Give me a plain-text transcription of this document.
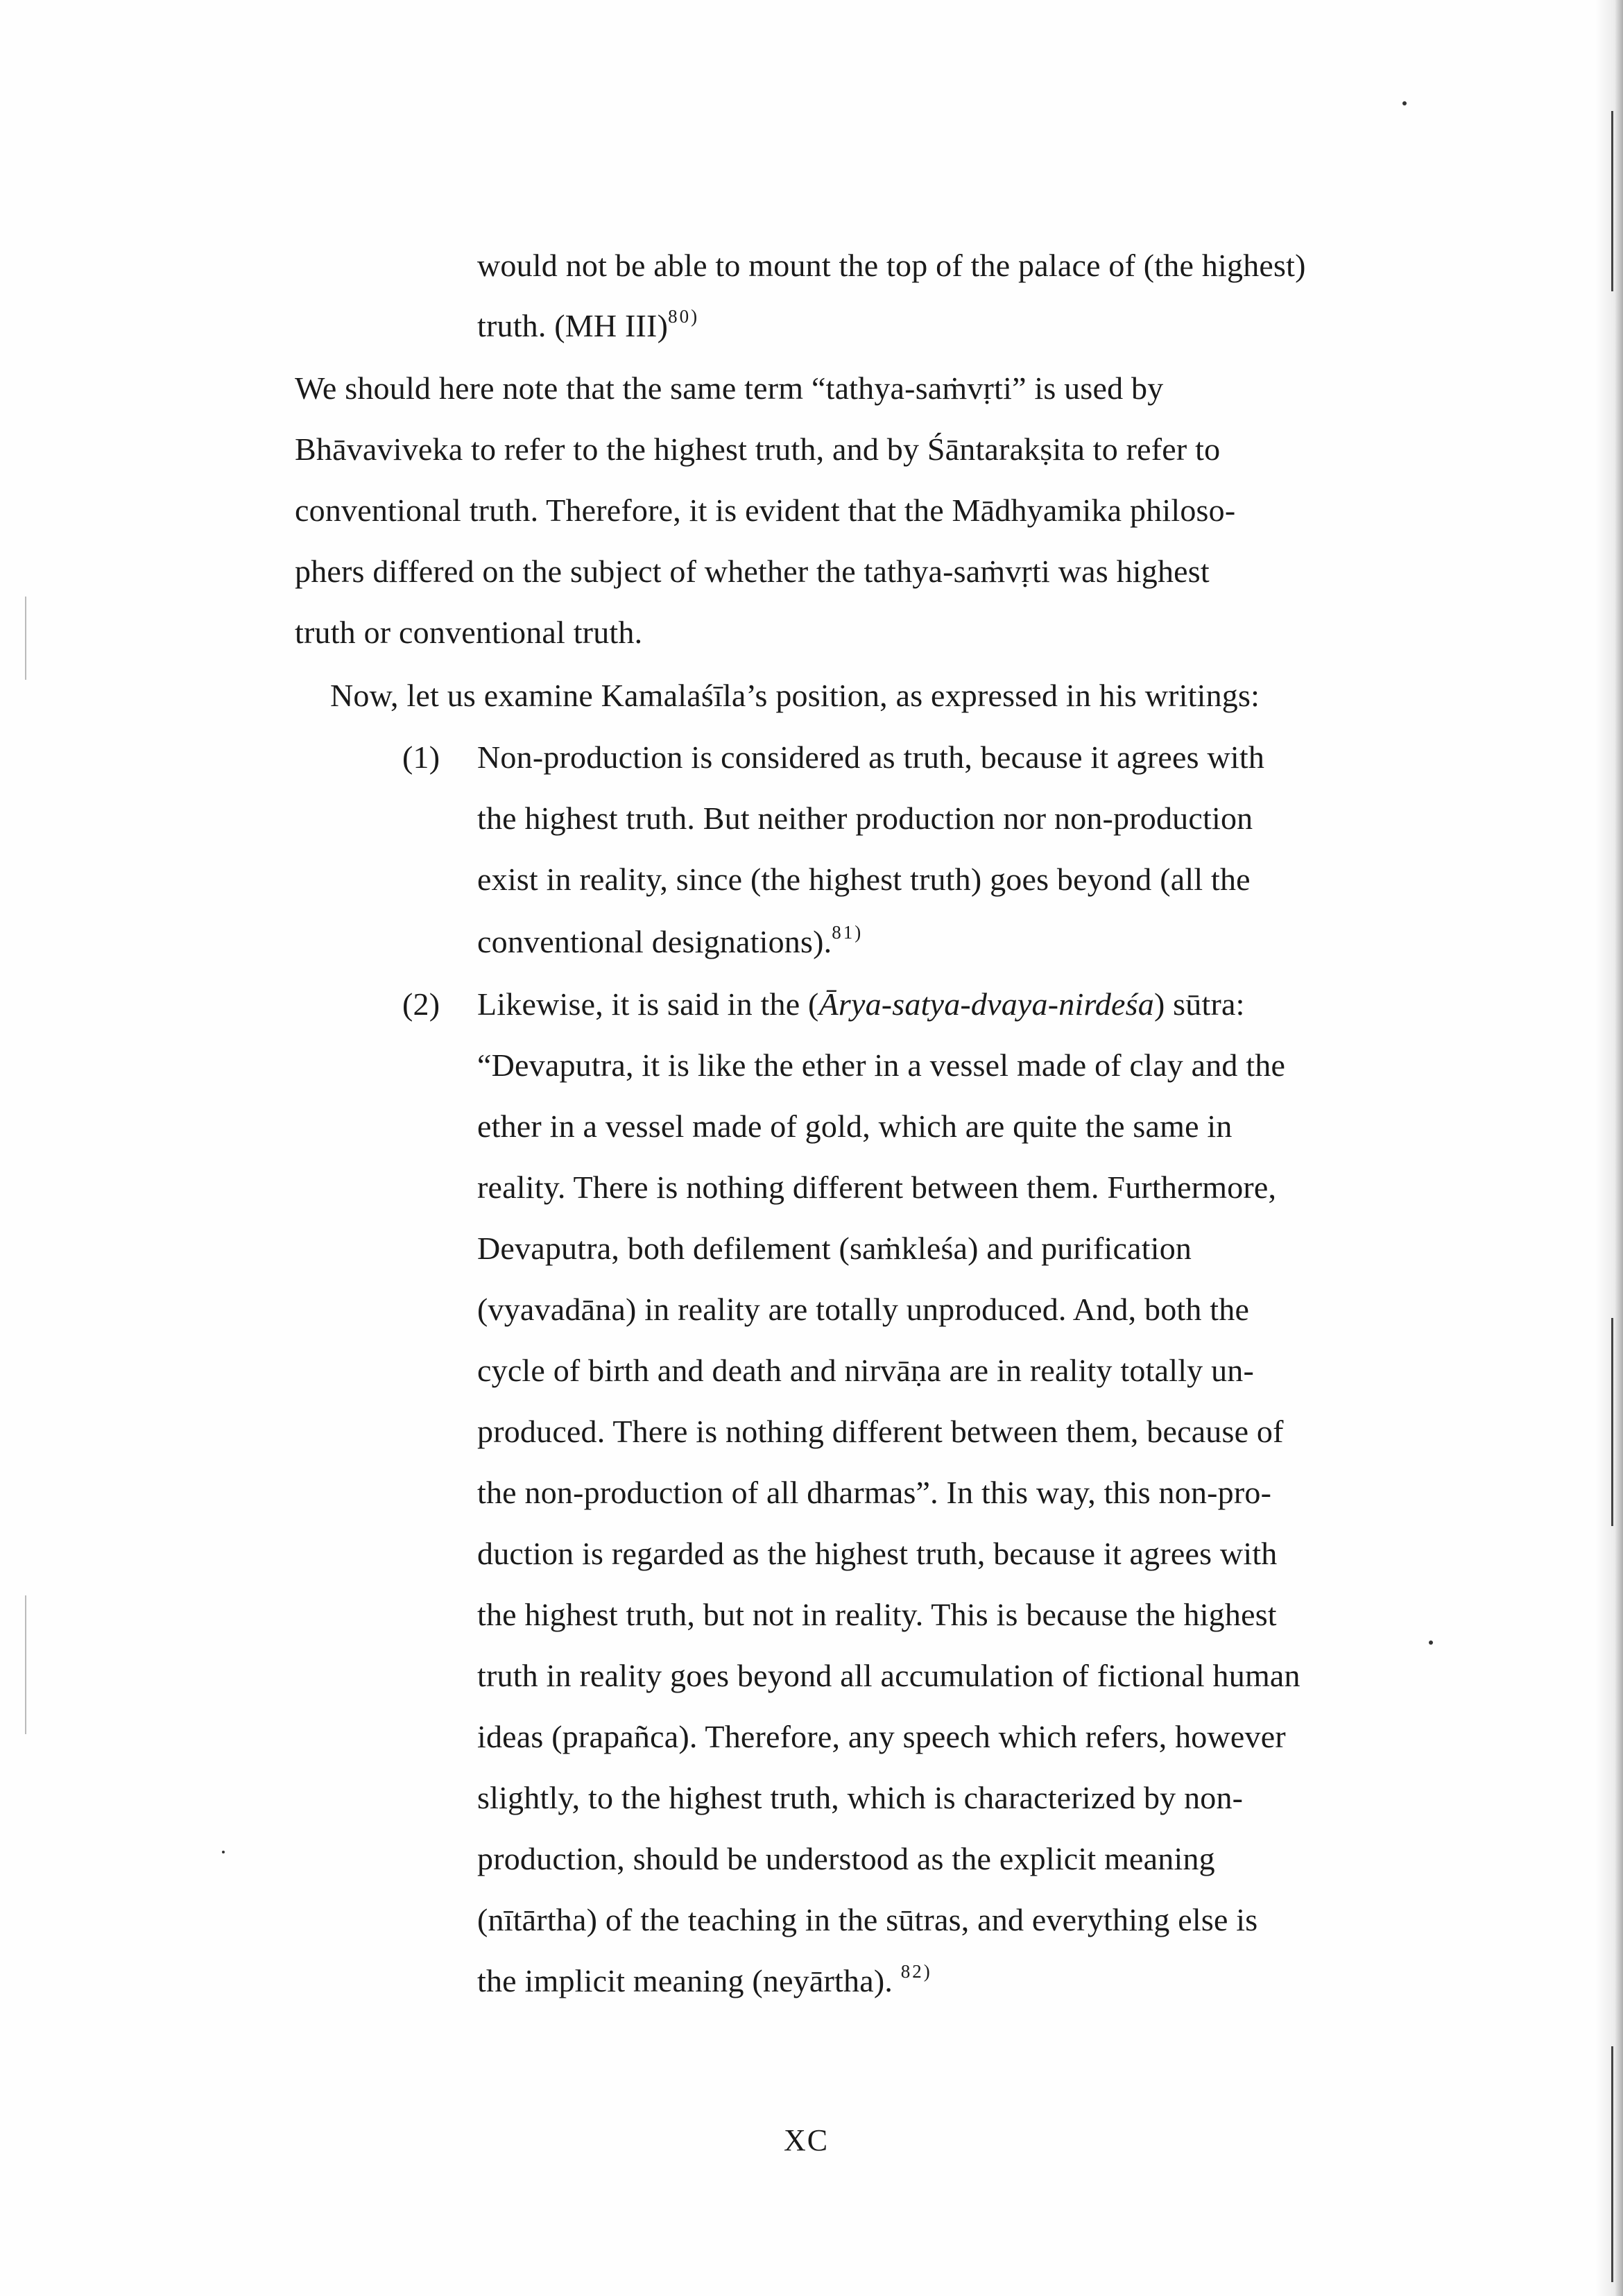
would not be able to mount the top of the palace of (the highest)
truth. (MH III)$^{80)}$
We should here note that the same term “tathya-saṁvṛti” is used by
Bhāvaviveka to refer to the highest truth, and by Śāntarakṣita to refer to
conventional truth. Therefore, it is evident that the Mādhyamika philoso-
phers differed on the subject of whether the tathya-saṁvṛti was highest
truth or conventional truth.
Now, let us examine Kamalaśīla’s position, as expressed in his writings:
(1) Non-production is considered as truth, because it agrees with
the highest truth. But neither production nor non-production
exist in reality, since (the highest truth) goes beyond (all the
conventional designations).$^{81)}$
(2) Likewise, it is said in the (Ārya-satya-dvaya-nirdeśa) sūtra:
“Devaputra, it is like the ether in a vessel made of clay and the
ether in a vessel made of gold, which are quite the same in
reality. There is nothing different between them. Furthermore,
Devaputra, both defilement (saṁkleśa) and purification
(vyavadāna) in reality are totally unproduced. And, both the
cycle of birth and death and nirvāṇa are in reality totally un-
produced. There is nothing different between them, because of
the non-production of all dharmas”. In this way, this non-pro-
duction is regarded as the highest truth, because it agrees with
the highest truth, but not in reality. This is because the highest
truth in reality goes beyond all accumulation of fictional human
ideas (prapañca). Therefore, any speech which refers, however
slightly, to the highest truth, which is characterized by non-
production, should be understood as the explicit meaning
(nītārtha) of the teaching in the sūtras, and everything else is
the implicit meaning (neyārtha). $^{82)}$
XC
